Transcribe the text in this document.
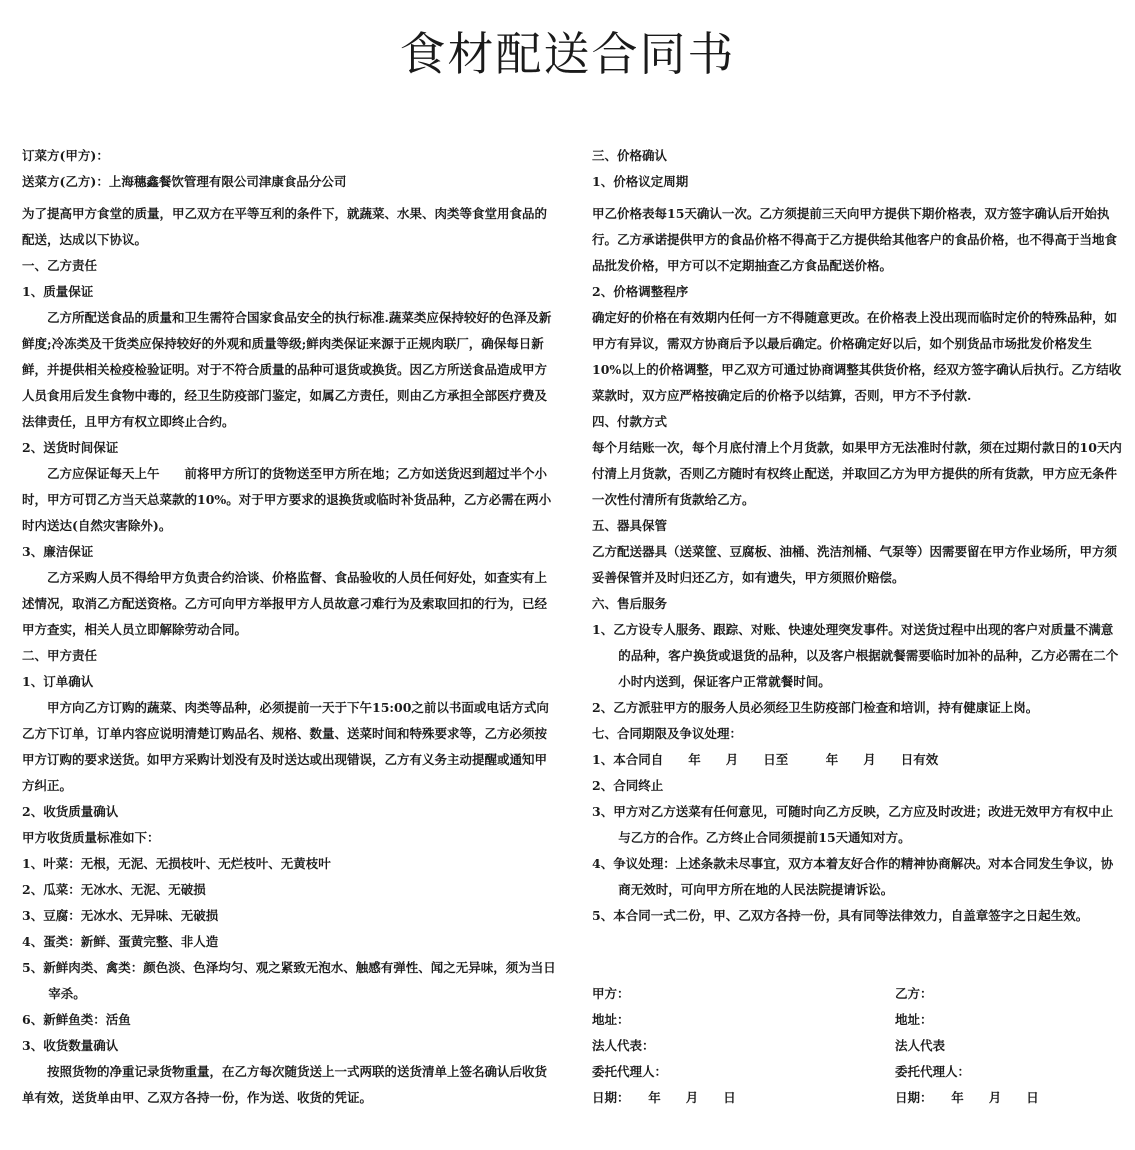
食材配送合同书

订菜方(甲方)：

送菜方(乙方)：上海穗鑫餐饮管理有限公司津康食品分公司

为了提高甲方食堂的质量，甲乙双方在平等互利的条件下，就蔬菜、水果、肉类等食堂用食品的配送，达成以下协议。

一、乙方责任

1、质量保证

乙方所配送食品的质量和卫生需符合国家食品安全的执行标准.蔬菜类应保持较好的色泽及新鲜度;冷冻类及干货类应保持较好的外观和质量等级;鲜肉类保证来源于正规肉联厂，确保每日新鲜，并提供相关检疫检验证明。对于不符合质量的品种可退货或换货。因乙方所送食品造成甲方人员食用后发生食物中毒的，经卫生防疫部门鉴定，如属乙方责任，则由乙方承担全部医疗费及法律责任，且甲方有权立即终止合约。

2、送货时间保证

乙方应保证每天上午　　前将甲方所订的货物送至甲方所在地；乙方如送货迟到超过半个小时，甲方可罚乙方当天总菜款的10%。对于甲方要求的退换货或临时补货品种，乙方必需在两小时内送达(自然灾害除外)。

3、廉洁保证

乙方采购人员不得给甲方负责合约洽谈、价格监督、食品验收的人员任何好处，如查实有上述情况，取消乙方配送资格。乙方可向甲方举报甲方人员故意刁难行为及索取回扣的行为，已经甲方查实，相关人员立即解除劳动合同。

二、甲方责任

1、订单确认

甲方向乙方订购的蔬菜、肉类等品种，必须提前一天于下午15:00之前以书面或电话方式向乙方下订单，订单内容应说明清楚订购品名、规格、数量、送菜时间和特殊要求等，乙方必须按甲方订购的要求送货。如甲方采购计划没有及时送达或出现错误，乙方有义务主动提醒或通知甲方纠正。

2、收货质量确认

甲方收货质量标准如下：

1、叶菜：无根，无泥、无损枝叶、无烂枝叶、无黄枝叶

2、瓜菜：无冰水、无泥、无破损

3、豆腐：无冰水、无异味、无破损

4、蛋类：新鲜、蛋黄完整、非人造

5、新鲜肉类、禽类：颜色淡、色泽均匀、观之紧致无泡水、触感有弹性、闻之无异味，须为当日宰杀。

6、新鲜鱼类：活鱼

3、收货数量确认

按照货物的净重记录货物重量，在乙方每次随货送上一式两联的送货清单上签名确认后收货单有效，送货单由甲、乙双方各持一份，作为送、收货的凭证。

三、价格确认

1、价格议定周期

甲乙价格表每15天确认一次。乙方须提前三天向甲方提供下期价格表，双方签字确认后开始执行。乙方承诺提供甲方的食品价格不得高于乙方提供给其他客户的食品价格，也不得高于当地食品批发价格，甲方可以不定期抽查乙方食品配送价格。

2、价格调整程序

确定好的价格在有效期内任何一方不得随意更改。在价格表上没出现而临时定价的特殊品种，如甲方有异议，需双方协商后予以最后确定。价格确定好以后，如个别货品市场批发价格发生 10%以上的价格调整，甲乙双方可通过协商调整其供货价格，经双方签字确认后执行。乙方结收菜款时，双方应严格按确定后的价格予以结算，否则，甲方不予付款.

四、付款方式

每个月结账一次，每个月底付清上个月货款，如果甲方无法准时付款，须在过期付款日的10天内付清上月货款，否则乙方随时有权终止配送，并取回乙方为甲方提供的所有货款，甲方应无条件一次性付清所有货款给乙方。

五、器具保管

乙方配送器具（送菜筐、豆腐板、油桶、洗洁剂桶、气泵等）因需要留在甲方作业场所，甲方须妥善保管并及时归还乙方，如有遗失，甲方须照价赔偿。

六、售后服务

1、乙方设专人服务、跟踪、对账、快速处理突发事件。对送货过程中出现的客户对质量不满意的品种，客户换货或退货的品种，以及客户根据就餐需要临时加补的品种，乙方必需在二个小时内送到，保证客户正常就餐时间。

2、乙方派驻甲方的服务人员必须经卫生防疫部门检查和培训，持有健康证上岗。

七、合同期限及争议处理：

1、本合同自　　年　　月　　日至　　　年　　月　　日有效

2、合同终止

3、甲方对乙方送菜有任何意见，可随时向乙方反映，乙方应及时改进；改进无效甲方有权中止与乙方的合作。乙方终止合同须提前15天通知对方。

4、争议处理：上述条款未尽事宜，双方本着友好合作的精神协商解决。对本合同发生争议，协商无效时，可向甲方所在地的人民法院提请诉讼。

5、本合同一式二份，甲、乙双方各持一份，具有同等法律效力，自盖章签字之日起生效。

甲方：

地址：

法人代表：

委托代理人：

日期：　　年　　月　　日

乙方：

地址：

法人代表

委托代理人：

日期：　　年　　月　　日
